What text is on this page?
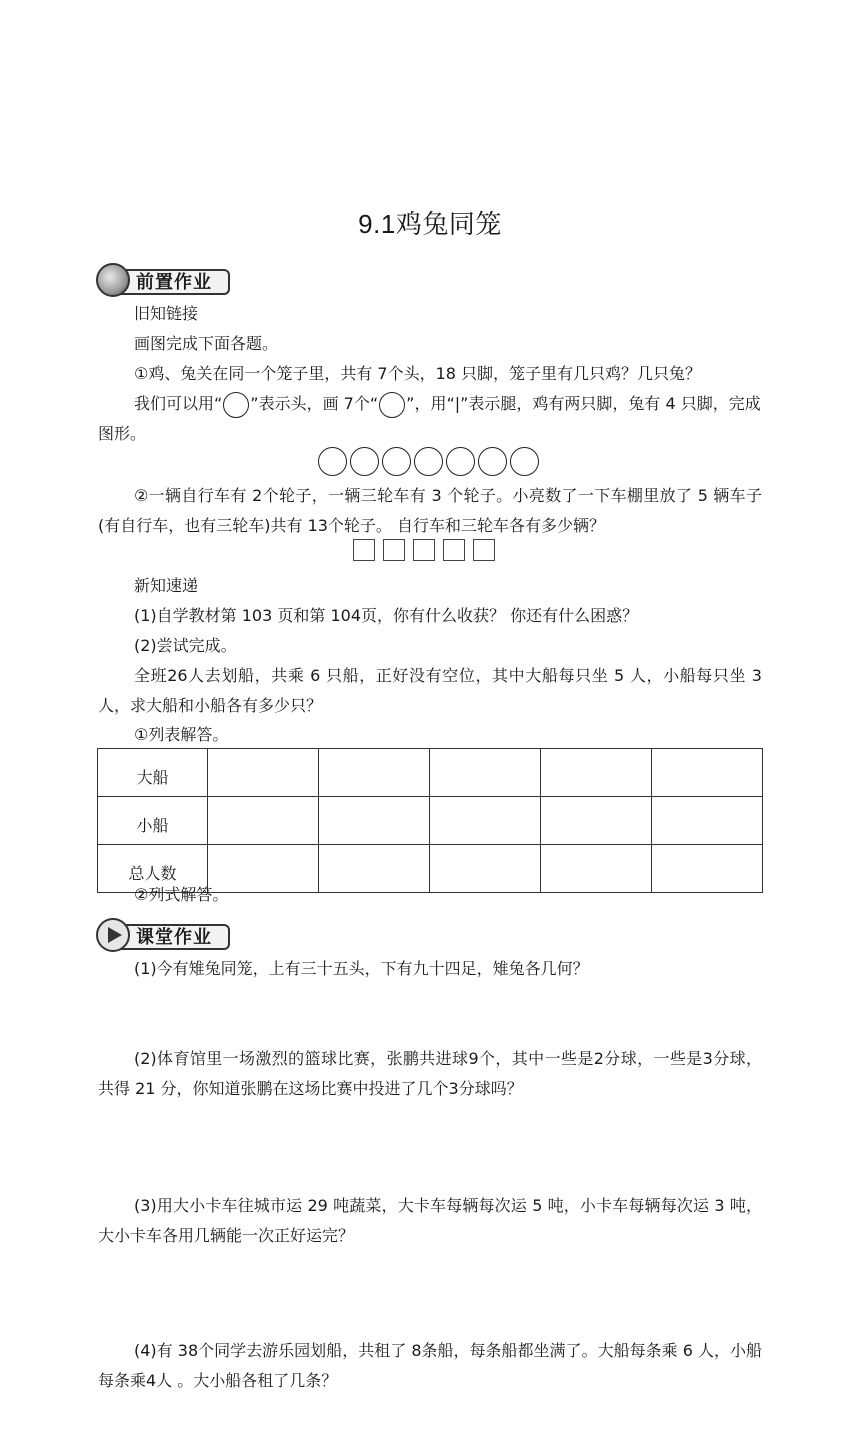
9.1鸡兔同笼
前置作业
旧知链接
画图完成下面各题。
①鸡、兔关在同一个笼子里，共有 7个头，18 只脚，笼子里有几只鸡？几只兔？
我们可以用“ ”表示头，画 7个“ ”，用“|”表示腿，鸡有两只脚，兔有 4 只脚，完成
图形。
②一辆自行车有 2个轮子，一辆三轮车有 3 个轮子。小亮数了一下车棚里放了 5 辆车子(有自行车，也有三轮车)共有 13个轮子。 自行车和三轮车各有多少辆？
新知速递
(1)自学教材第 103 页和第 104页，你有什么收获？ 你还有什么困惑？
(2)尝试完成。
全班26人去划船，共乘 6 只船，正好没有空位，其中大船每只坐 5 人，小船每只坐 3 人，求大船和小船各有多少只？
①列表解答。
大船					
小船					
总人数					
②列式解答。
课堂作业
(1)今有雉兔同笼，上有三十五头，下有九十四足，雉兔各几何？
(2)体育馆里一场激烈的篮球比赛，张鹏共进球9个，其中一些是2分球，一些是3分球，共得 21 分，你知道张鹏在这场比赛中投进了几个3分球吗？
(3)用大小卡车往城市运 29 吨蔬菜，大卡车每辆每次运 5 吨，小卡车每辆每次运 3 吨，大小卡车各用几辆能一次正好运完？
(4)有 38个同学去游乐园划船，共租了 8条船，每条船都坐满了。大船每条乘 6 人，小船每条乘4人 。大小船各租了几条？
